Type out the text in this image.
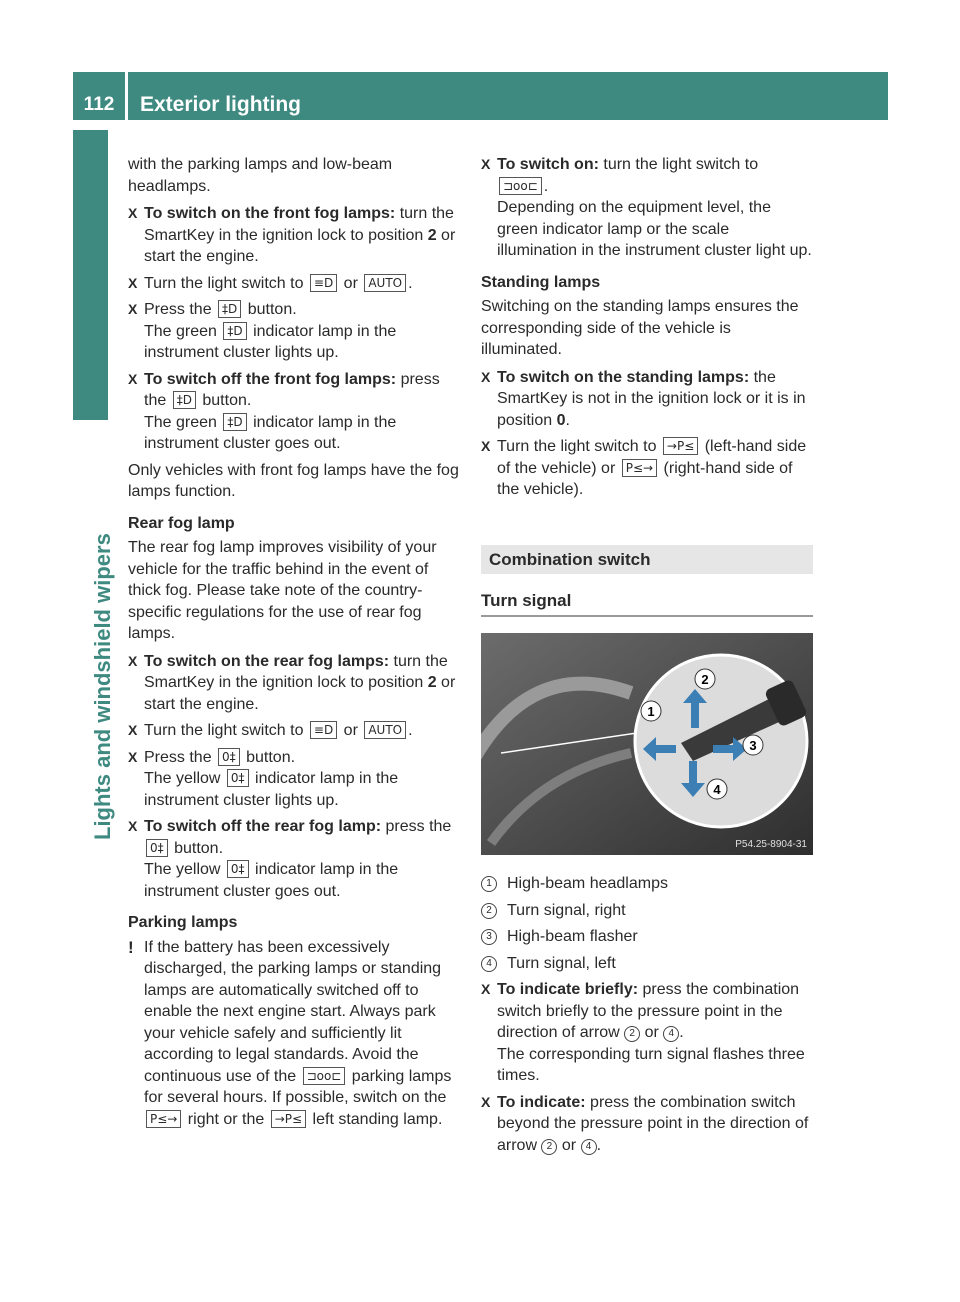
112	Exterior lighting
Lights and windshield wipers

with the parking lamps and low-beam headlamps.

X To switch on the front fog lamps: turn the SmartKey in the ignition lock to position 2 or start the engine.
X Turn the light switch to ≡D or AUTO .
X Press the ‡D button.
The green ‡D indicator lamp in the instrument cluster lights up.
X To switch off the front fog lamps: press the ‡D button.
The green ‡D indicator lamp in the instrument cluster goes out.

Only vehicles with front fog lamps have the fog lamps function.

Rear fog lamp

The rear fog lamp improves visibility of your vehicle for the traffic behind in the event of thick fog. Please take note of the country-specific regulations for the use of rear fog lamps.

X To switch on the rear fog lamps: turn the SmartKey in the ignition lock to position 2 or start the engine.
X Turn the light switch to ≡D or AUTO .
X Press the 0‡ button.
The yellow 0‡ indicator lamp in the instrument cluster lights up.
X To switch off the rear fog lamp: press the 0‡ button.
The yellow 0‡ indicator lamp in the instrument cluster goes out.
Parking lamps
! If the battery has been excessively discharged, the parking lamps or standing lamps are automatically switched off to enable the next engine start. Always park your vehicle safely and sufficiently lit according to legal standards. Avoid the continuous use of the ⊐oo⊏ parking lamps for several hours. If possible, switch on the P≤→ right or the →P≤ left standing lamp.
X To switch on: turn the light switch to
⊐oo⊏ .
Depending on the equipment level, the green indicator lamp or the scale illumination in the instrument cluster light up.
Standing lamps

Switching on the standing lamps ensures the corresponding side of the vehicle is illuminated.

X To switch on the standing lamps: the SmartKey is not in the ignition lock or it is in position 0.
X Turn the light switch to →P≤ (left-hand side of the vehicle) or P≤→ (right-hand side of the vehicle).
Combination switch
Turn signal
1
2
3
4
P54.25-8904-31
1 High-beam headlamps
2 Turn signal, right
3 High-beam flasher
4 Turn signal, left
X To indicate briefly: press the combination switch briefly to the pressure point in the direction of arrow 2 or 4 .
The corresponding turn signal flashes three times.
X To indicate: press the combination switch beyond the pressure point in the direction of arrow 2 or 4 .
